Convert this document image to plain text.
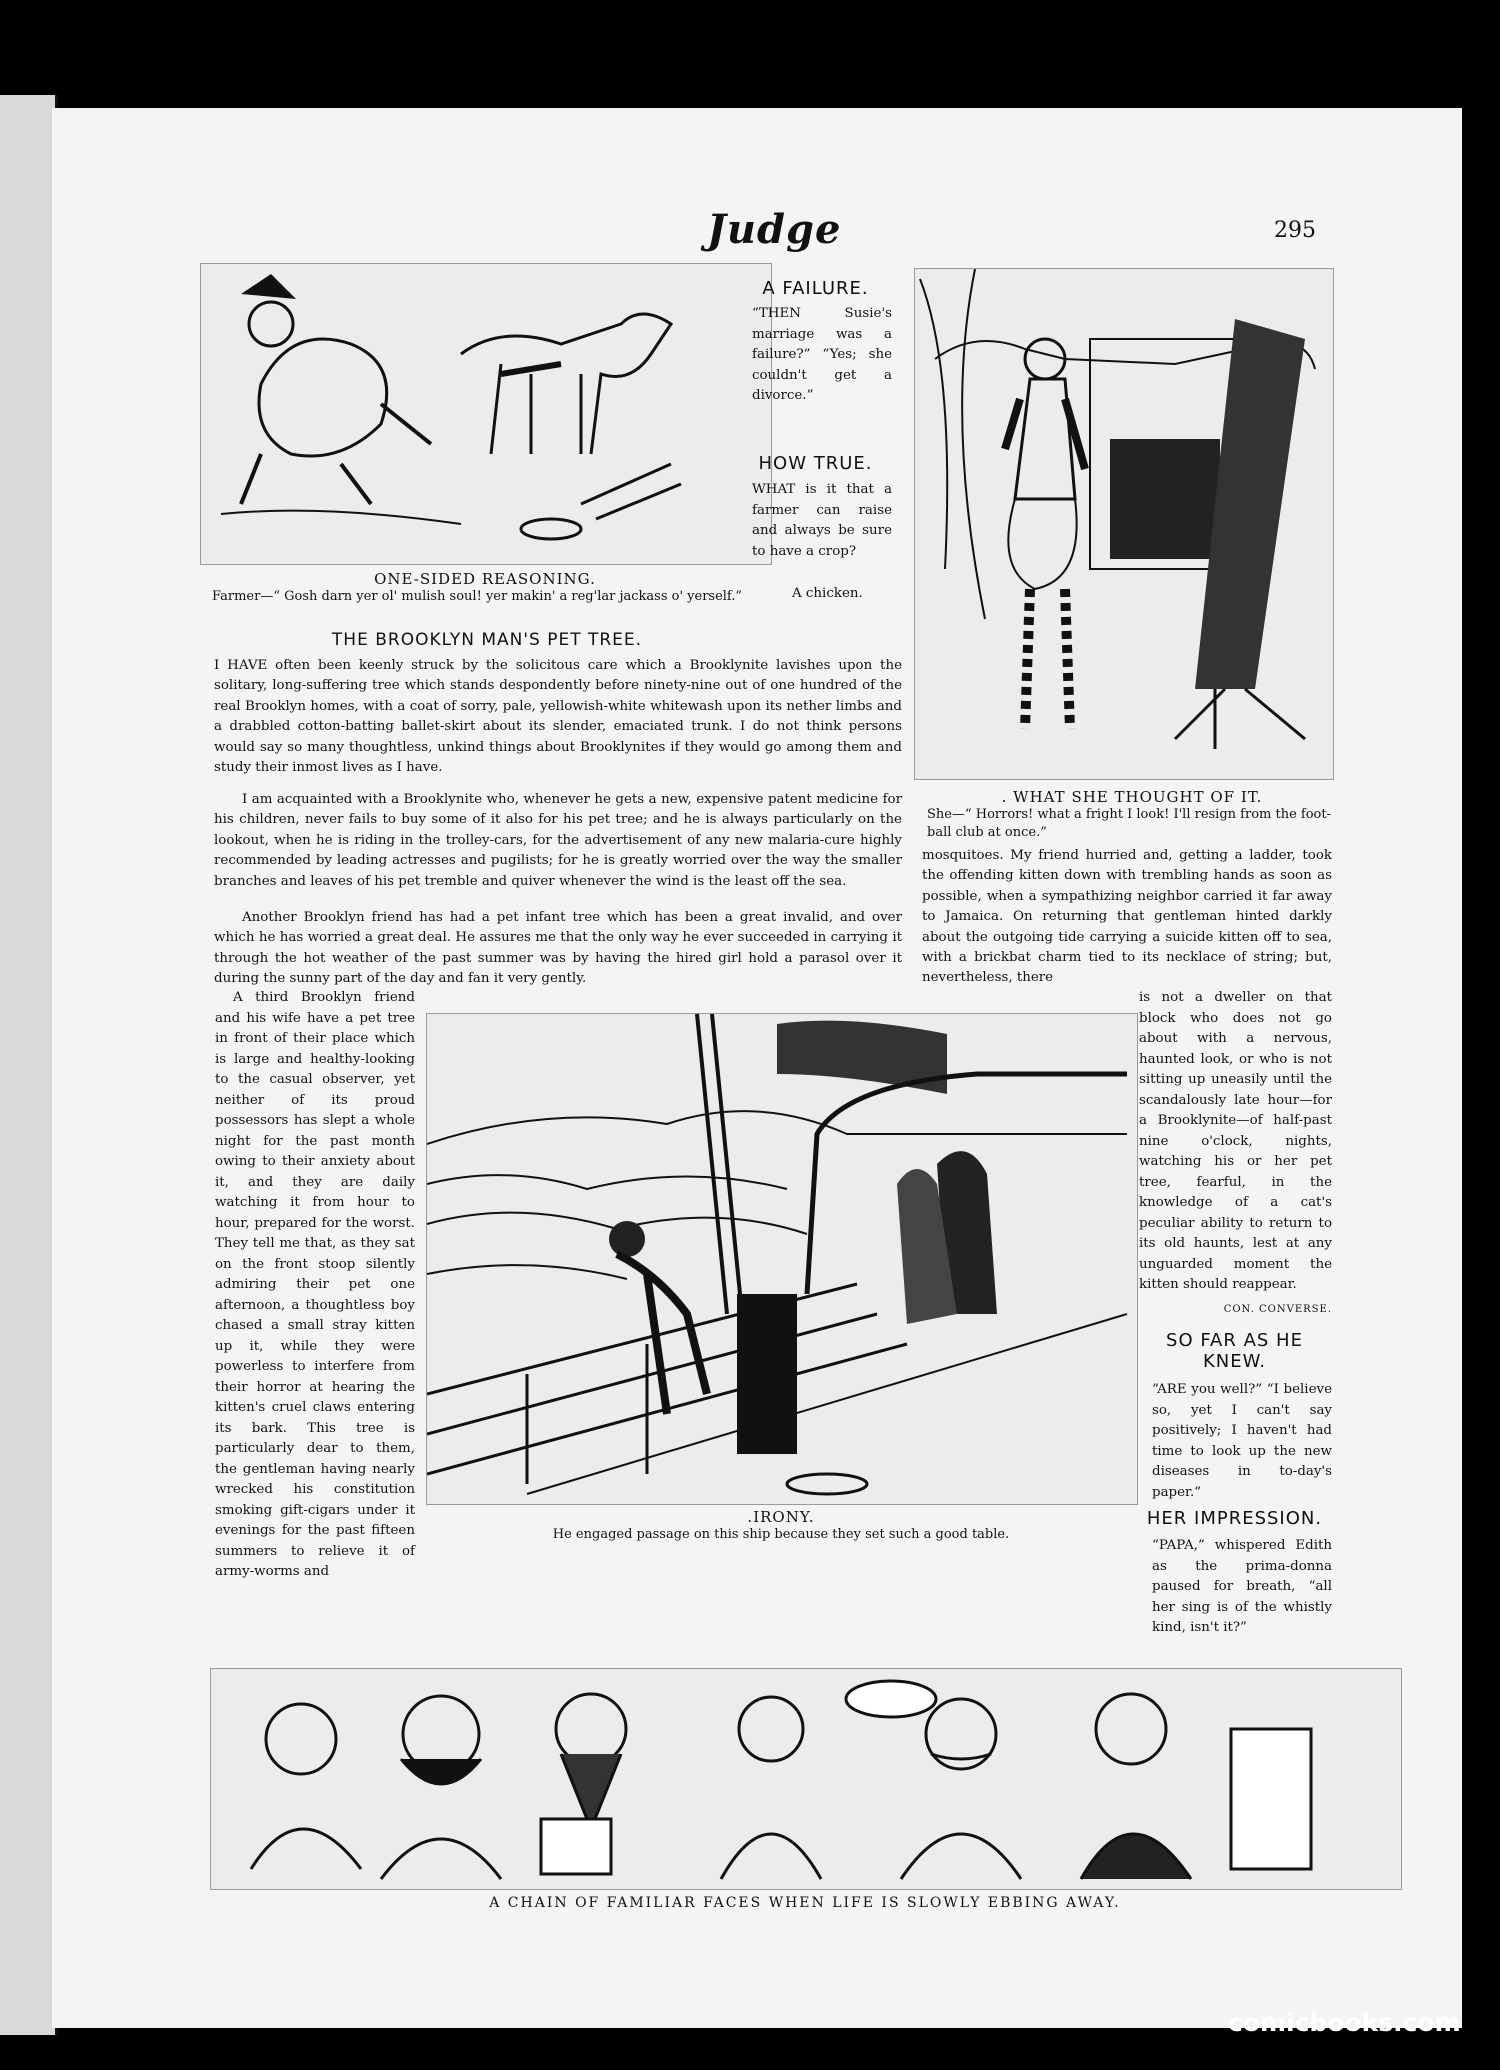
Judge	295
ONE-SIDED REASONING.
Farmer—“ Gosh darn yer ol' mulish soul! yer makin' a reg'lar jackass o' yerself.”
A FAILURE.
“THEN Susie's marriage was a failure?” “Yes; she couldn't get a divorce.”
HOW TRUE.
WHAT is it that a farmer can raise and always be sure to have a crop?
A chicken.
. WHAT SHE THOUGHT OF IT.
She—“ Horrors! what a fright I look! I'll resign from the foot-ball club at once.”
THE BROOKLYN MAN'S PET TREE.
I HAVE often been keenly struck by the solicitous care which a Brooklynite lavishes upon the solitary, long-suffering tree which stands despondently before ninety-nine out of one hundred of the real Brooklyn homes, with a coat of sorry, pale, yellowish-white whitewash upon its nether limbs and a drabbled cotton-batting ballet-skirt about its slender, emaciated trunk. I do not think persons would say so many thoughtless, unkind things about Brooklynites if they would go among them and study their inmost lives as I have.
I am acquainted with a Brooklynite who, whenever he gets a new, expensive patent medicine for his children, never fails to buy some of it also for his pet tree; and he is always particularly on the lookout, when he is riding in the trolley-cars, for the advertisement of any new malaria-cure highly recommended by leading actresses and pugilists; for he is greatly worried over the way the smaller branches and leaves of his pet tremble and quiver whenever the wind is the least off the sea.
Another Brooklyn friend has had a pet infant tree which has been a great invalid, and over which he has worried a great deal. He assures me that the only way he ever succeeded in carrying it through the hot weather of the past summer was by having the hired girl hold a parasol over it during the sunny part of the day and fan it very gently.
A third Brooklyn friend and his wife have a pet tree in front of their place which is large and healthy-looking to the casual observer, yet neither of its proud possessors has slept a whole night for the past month owing to their anxiety about it, and they are daily watching it from hour to hour, prepared for the worst. They tell me that, as they sat on the front stoop silently admiring their pet one afternoon, a thoughtless boy chased a small stray kitten up it, while they were powerless to interfere from their horror at hearing the kitten's cruel claws entering its bark. This tree is particularly dear to them, the gentleman having nearly wrecked his constitution smoking gift-cigars under it evenings for the past fifteen summers to relieve it of army-worms and
mosquitoes. My friend hurried and, getting a ladder, took the offending kitten down with trembling hands as soon as possible, when a sympathizing neighbor carried it far away to Jamaica. On returning that gentleman hinted darkly about the outgoing tide carrying a suicide kitten off to sea, with a brickbat charm tied to its necklace of string; but, nevertheless, there
is not a dweller on that block who does not go about with a nervous, haunted look, or who is not sitting up uneasily until the scandalously late hour—for a Brooklynite—of half-past nine o'clock, nights, watching his or her pet tree, fearful, in the knowledge of a cat's peculiar ability to return to its old haunts, lest at any unguarded moment the kitten should reappear.
CON. CONVERSE.
.IRONY.
He engaged passage on this ship because they set such a good table.
SO FAR AS HE KNEW.
“ARE you well?” “I believe so, yet I can't say positively; I haven't had time to look up the new diseases in to-day's paper.”
HER IMPRESSION.
“PAPA,” whispered Edith as the prima-donna paused for breath, “all her sing is of the whistly kind, isn't it?”
A CHAIN OF FAMILIAR FACES WHEN LIFE IS SLOWLY EBBING AWAY.
comicbooks.com
